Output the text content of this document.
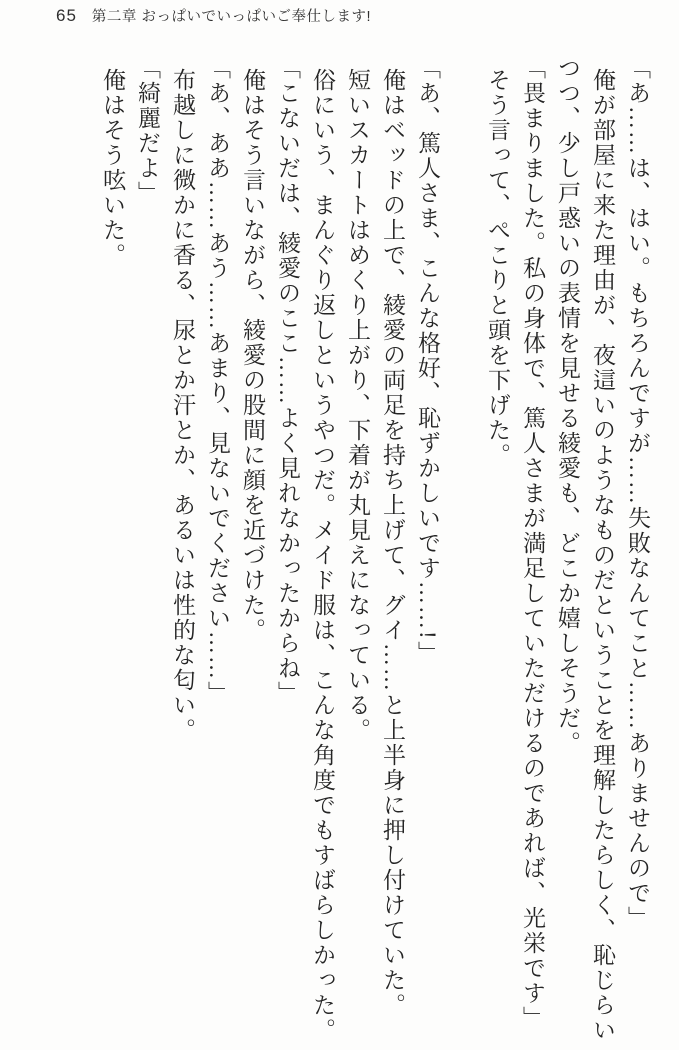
65 第二章 おっぱいでいっぱいご奉仕します!

「あ……は、はい。もちろんですが……失敗なんてこと……ありませんので」

俺が部屋に来た理由が、夜這いのようなものだということを理解したらしく、恥じらいつつ、少し戸惑いの表情を見せる綾愛も、どこか嬉しそうだ。

「畏まりました。私の身体で、篤人さまが満足していただけるのであれば、光栄です」

そう言って、ぺこりと頭を下げた。

「あ、篤人さま、こんな格好、恥ずかしいです……!」

俺はベッドの上で、綾愛の両足を持ち上げて、グイ……と上半身に押し付けていた。

短いスカートはめくり上がり、下着が丸見えになっている。

俗にいう、まんぐり返しというやつだ。メイド服は、こんな角度でもすばらしかった。

「こないだは、綾愛のここ……よく見れなかったからね」

俺はそう言いながら、綾愛の股間に顔を近づけた。

「あ、ああ……あう……あまり、見ないでください……」

布越しに微かに香る、尿とか汗とか、あるいは性的な匂い。

「綺麗だよ」

俺はそう呟いた。
